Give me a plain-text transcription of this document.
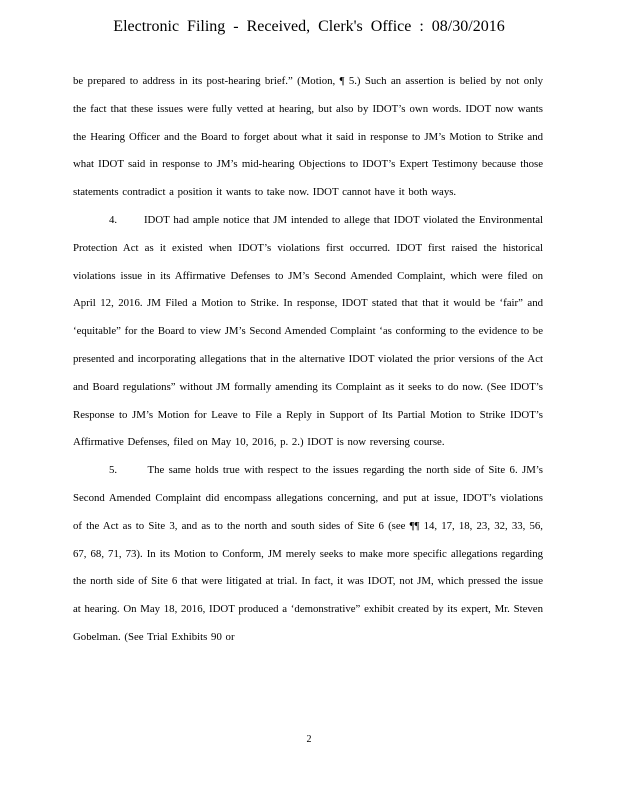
Electronic Filing - Received, Clerk's Office : 08/30/2016

be prepared to address in its post-hearing brief.” (Motion, ¶ 5.) Such an assertion is belied by not only the fact that these issues were fully vetted at hearing, but also by IDOT’s own words. IDOT now wants the Hearing Officer and the Board to forget about what it said in response to JM’s Motion to Strike and what IDOT said in response to JM’s mid-hearing Objections to IDOT’s Expert Testimony because those statements contradict a position it wants to take now. IDOT cannot have it both ways.

4. IDOT had ample notice that JM intended to allege that IDOT violated the Environmental Protection Act as it existed when IDOT’s violations first occurred. IDOT first raised the historical violations issue in its Affirmative Defenses to JM’s Second Amended Complaint, which were filed on April 12, 2016. JM Filed a Motion to Strike. In response, IDOT stated that that it would be ‘fair” and ‘equitable” for the Board to view JM’s Second Amended Complaint ‘as conforming to the evidence to be presented and incorporating allegations that in the alternative IDOT violated the prior versions of the Act and Board regulations” without JM formally amending its Complaint as it seeks to do now. (See IDOT’s Response to JM’s Motion for Leave to File a Reply in Support of Its Partial Motion to Strike IDOT’s Affirmative Defenses, filed on May 10, 2016, p. 2.) IDOT is now reversing course.

5.	The same holds true with respect to the issues regarding the north side of Site 6. JM’s Second Amended Complaint did encompass allegations concerning, and put at issue, IDOT’s violations of the Act as to Site 3, and as to the north and south sides of Site 6 (see ¶¶ 14, 17, 18, 23, 32, 33, 56, 67, 68, 71, 73). In its Motion to Conform, JM merely seeks to make more specific allegations regarding the north side of Site 6 that were litigated at trial. In fact, it was IDOT, not JM, which pressed the issue at hearing. On May 18, 2016, IDOT produced a ‘demonstrative” exhibit created by its expert, Mr. Steven Gobelman. (See Trial Exhibits 90 or

2
